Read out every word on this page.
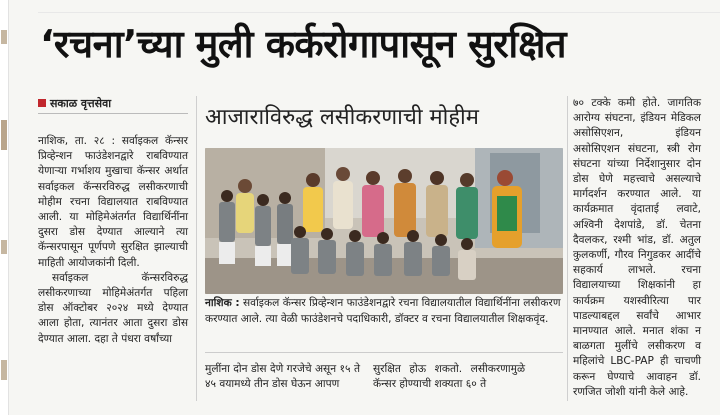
‘रचना’च्या मुली कर्करोगापासून सुरक्षित
सकाळ वृत्तसेवा

नाशिक, ता. २८ : सर्वाइकल कॅन्सर प्रिव्हेन्शन फाउंडेशनद्वारे राबविण्यात येणाऱ्या गर्भाशय मुखाचा कॅन्सर अर्थात सर्वाइकल कॅन्सरविरुद्ध लसीकरणाची मोहीम रचना विद्यालयात राबविण्यात आली. या मोहिमेअंतर्गत विद्यार्थिनींना दुसरा डोस देण्यात आल्याने त्या कॅन्सरपासून पूर्णपणे सुरक्षित झाल्याची माहिती आयोजकांनी दिली.

सर्वाइकल कॅन्सरविरुद्ध लसीकरणाच्या मोहिमेअंतर्गत पहिला डोस ऑक्टोबर २०२४ मध्ये देण्यात आला होता, त्यानंतर आता दुसरा डोस देण्यात आला. दहा ते पंधरा वर्षांच्या

आजाराविरुद्ध लसीकरणाची मोहीम
नाशिक : सर्वाइकल कॅन्सर प्रिव्हेन्शन फाउंडेशनद्वारे रचना विद्यालयातील विद्यार्थिनींना लसीकरण करण्यात आले. त्या वेळी फाउंडेशनचे पदाधिकारी, डॉक्टर व रचना विद्यालयातील शिक्षकवृंद.

मुलींना दोन डोस देणे गरजेचे असून १५ ते ४५ वयामध्ये तीन डोस घेऊन आपण

सुरक्षित होऊ शकतो. लसीकरणामुळे कॅन्सर होण्याची शक्यता ६० ते

७० टक्के कमी होते. जागतिक आरोग्य संघटना, इंडियन मेडिकल असोसिएशन, इंडियन असोसिएशन संघटना, स्त्री रोग संघटना यांच्या निर्देशानुसार दोन डोस घेणे महत्त्वाचे असल्याचे मार्गदर्शन करण्यात आले. या कार्यक्रमात वृंदाताई लवाटे, अश्विनी देशपांडे, डॉ. चेतना दैवलकर, रश्मी भांड, डॉ. अतुल कुलकर्णी, गौरव निगुडकर आदींचे सहकार्य लाभले. रचना विद्यालयाच्या शिक्षकांनी हा कार्यक्रम यशस्वीरित्या पार पाडल्याबद्दल सर्वांचे आभार मानण्यात आले. मनात शंका न बाळगता मुलींचे लसीकरण व महिलांचे LBC-PAP ही चाचणी करून घेण्याचे आवाहन डॉ. रणजित जोशी यांनी केले आहे.
